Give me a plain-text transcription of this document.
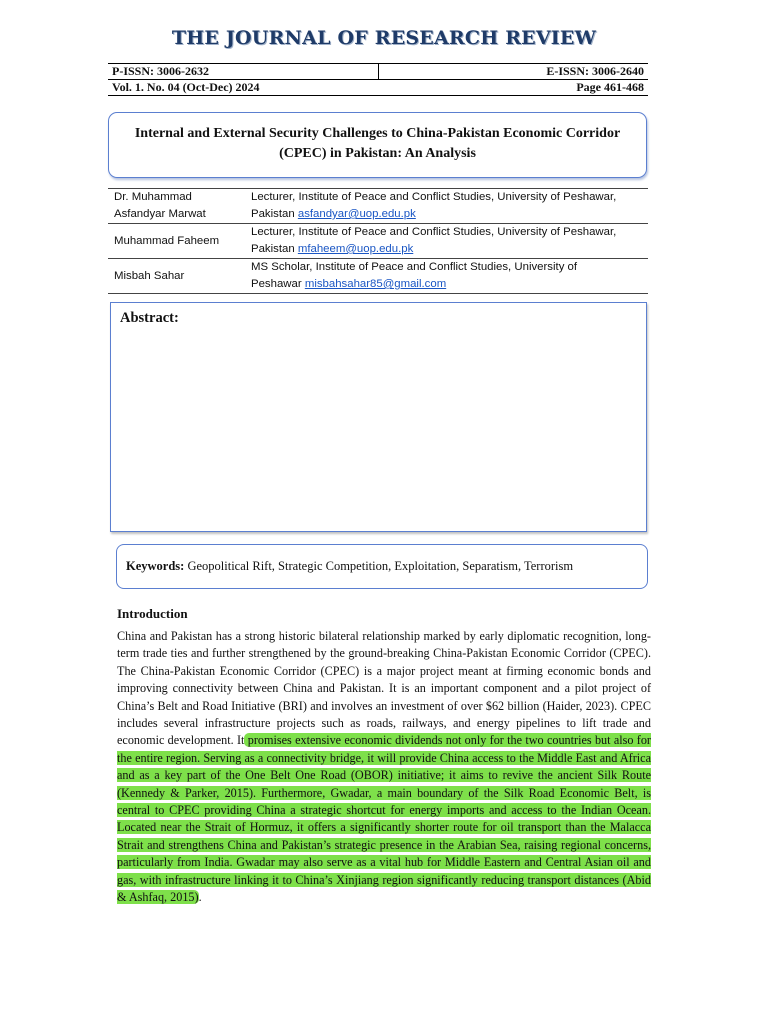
THE JOURNAL OF RESEARCH REVIEW
P-ISSN: 3006-2632	E-ISSN: 3006-2640
Vol. 1. No. 04 (Oct-Dec) 2024	Page 461-468
Internal and External Security Challenges to China-Pakistan Economic Corridor
(CPEC) in Pakistan: An Analysis
Dr. Muhammad
Asfandyar Marwat	Lecturer, Institute of Peace and Conflict Studies, University of Peshawar,
Pakistan asfandyar@uop.edu.pk
Muhammad Faheem	Lecturer, Institute of Peace and Conflict Studies, University of Peshawar,
Pakistan mfaheem@uop.edu.pk
Misbah Sahar	MS Scholar, Institute of Peace and Conflict Studies, University of
Peshawar misbahsahar85@gmail.com
Abstract:
Keywords: Geopolitical Rift, Strategic Competition, Exploitation, Separatism, Terrorism
Introduction
China and Pakistan has a strong historic bilateral relationship marked by early diplomatic recognition, long-term trade ties and further strengthened by the ground-breaking China-Pakistan Economic Corridor (CPEC). The China-Pakistan Economic Corridor (CPEC) is a major project meant at firming economic bonds and improving connectivity between China and Pakistan. It is an important component and a pilot project of China’s Belt and Road Initiative (BRI) and involves an investment of over $62 billion (Haider, 2023). CPEC includes several infrastructure projects such as roads, railways, and energy pipelines to lift trade and economic development. It promises extensive economic dividends not only for the two countries but also for the entire region. Serving as a connectivity bridge, it will provide China access to the Middle East and Africa and as a key part of the One Belt One Road (OBOR) initiative; it aims to revive the ancient Silk Route (Kennedy & Parker, 2015). Furthermore, Gwadar, a main boundary of the Silk Road Economic Belt, is central to CPEC providing China a strategic shortcut for energy imports and access to the Indian Ocean. Located near the Strait of Hormuz, it offers a significantly shorter route for oil transport than the Malacca Strait and strengthens China and Pakistan’s strategic presence in the Arabian Sea, raising regional concerns, particularly from India. Gwadar may also serve as a vital hub for Middle Eastern and Central Asian oil and gas, with infrastructure linking it to China’s Xinjiang region significantly reducing transport distances (Abid & Ashfaq, 2015).
